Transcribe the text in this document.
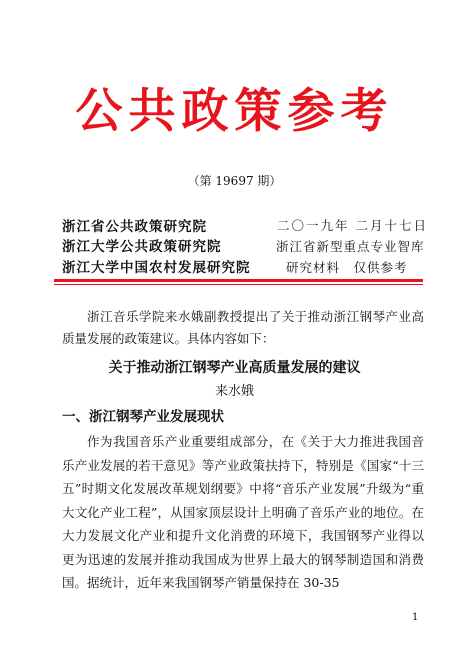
公共政策参考
（第 19697 期）
浙江省公共政策研究院
浙江大学公共政策研究院
浙江大学中国农村发展研究院
二〇一九年 二月十七日
浙江省新型重点专业智库
研究材料　仅供参考
浙江音乐学院来水娥副教授提出了关于推动浙江钢琴产业高质量发展的政策建议。具体内容如下：
关于推动浙江钢琴产业高质量发展的建议
来水娥
一、浙江钢琴产业发展现状
作为我国音乐产业重要组成部分，在《关于大力推进我国音乐产业发展的若干意见》等产业政策扶持下，特别是《国家“十三五”时期文化发展改革规划纲要》中将“音乐产业发展”升级为“重大文化产业工程”，从国家顶层设计上明确了音乐产业的地位。在大力发展文化产业和提升文化消费的环境下，我国钢琴产业得以更为迅速的发展并推动我国成为世界上最大的钢琴制造国和消费国。据统计，近年来我国钢琴产销量保持在 30-35
1
